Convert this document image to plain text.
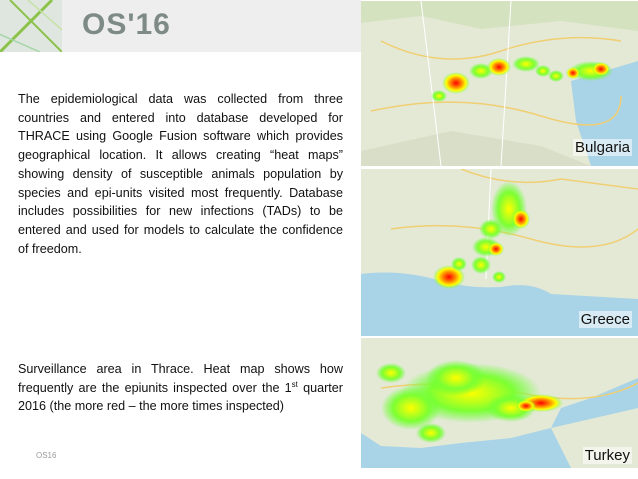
OS'16
The epidemiological data was collected from three countries and entered into database developed for THRACE using Google Fusion software which provides geographical location. It allows creating “heat maps” showing density of susceptible animals population by species and epi-units visited most frequently. Database includes possibilities for new infections (TADs) to be entered and used for models to calculate the confidence of freedom.
Surveillance area in Thrace. Heat map shows how frequently are the epiunits inspected over the 1st quarter 2016 (the more red – the more times inspected)
OS16
Bulgaria
Greece
Turkey
